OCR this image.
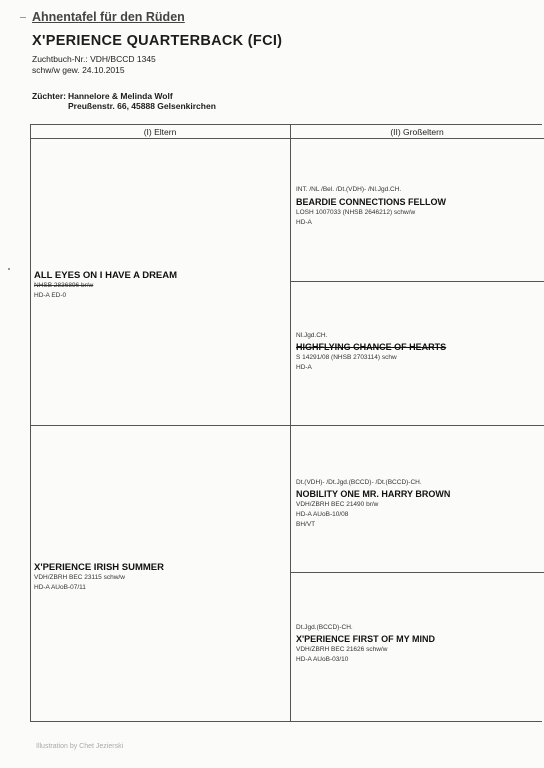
Ahnentafel für den Rüden
X'PERIENCE QUARTERBACK (FCI)
Zuchtbuch-Nr.: VDH/BCCD 1345
schw/w gew. 24.10.2015
Züchter: Hannelore & Melinda Wolf
Preußenstr. 66, 45888 Gelsenkirchen
(I) Eltern	(II) Großeltern
ALL EYES ON I HAVE A DREAM
NHSB 2836896 br/w
HD-A ED-0
INT. /NL /Bel. /Dt.(VDH)- /Nl.Jgd.CH.
BEARDIE CONNECTIONS FELLOW
LOSH 1007033 (NHSB 2646212) schw/w
HD-A
Nl.Jgd.CH.
HIGHFLYING CHANCE OF HEARTS
S 14291/08 (NHSB 2703114) schw
HD-A
X'PERIENCE IRISH SUMMER
VDH/ZBRH BEC 23115 schw/w
HD-A AUoB-07/11
Dt.(VDH)- /Dt.Jgd.(BCCD)- /Dt.(BCCD)-CH.
NOBILITY ONE MR. HARRY BROWN
VDH/ZBRH BEC 21490 br/w
HD-A AUoB-10/08
BH/VT
Dt.Jgd.(BCCD)-CH.
X'PERIENCE FIRST OF MY MIND
VDH/ZBRH BEC 21626 schw/w
HD-A AUoB-03/10
Illustration by Chet Jezierski
